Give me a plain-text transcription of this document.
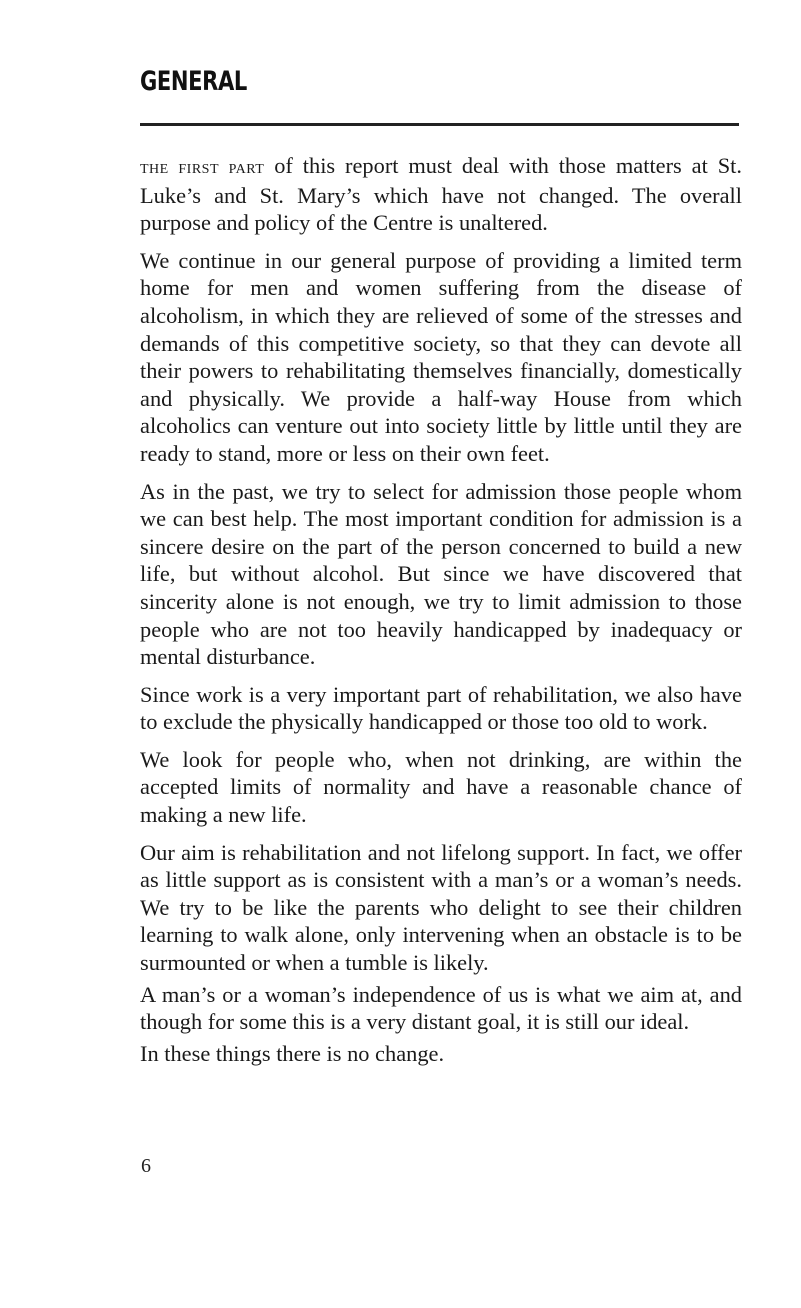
GENERAL

the first part of this report must deal with those matters at St. Luke’s and St. Mary’s which have not changed. The overall purpose and policy of the Centre is unaltered.

We continue in our general purpose of providing a limited term home for men and women suffering from the disease of alcoholism, in which they are relieved of some of the stresses and demands of this competitive society, so that they can devote all their powers to rehabilitating themselves financially, domestically and physically. We provide a half-way House from which alcoholics can venture out into society little by little until they are ready to stand, more or less on their own feet.

As in the past, we try to select for admission those people whom we can best help. The most important condition for admission is a sincere desire on the part of the person concerned to build a new life, but without alcohol. But since we have discovered that sincerity alone is not enough, we try to limit admission to those people who are not too heavily handicapped by inadequacy or mental disturbance.

Since work is a very important part of rehabilitation, we also have to exclude the physically handicapped or those too old to work.

We look for people who, when not drinking, are within the accepted limits of normality and have a reasonable chance of making a new life.

Our aim is rehabilitation and not lifelong support. In fact, we offer as little support as is consistent with a man’s or a woman’s needs. We try to be like the parents who delight to see their children learning to walk alone, only intervening when an obstacle is to be surmounted or when a tumble is likely.

A man’s or a woman’s independence of us is what we aim at, and though for some this is a very distant goal, it is still our ideal.

In these things there is no change.

6
